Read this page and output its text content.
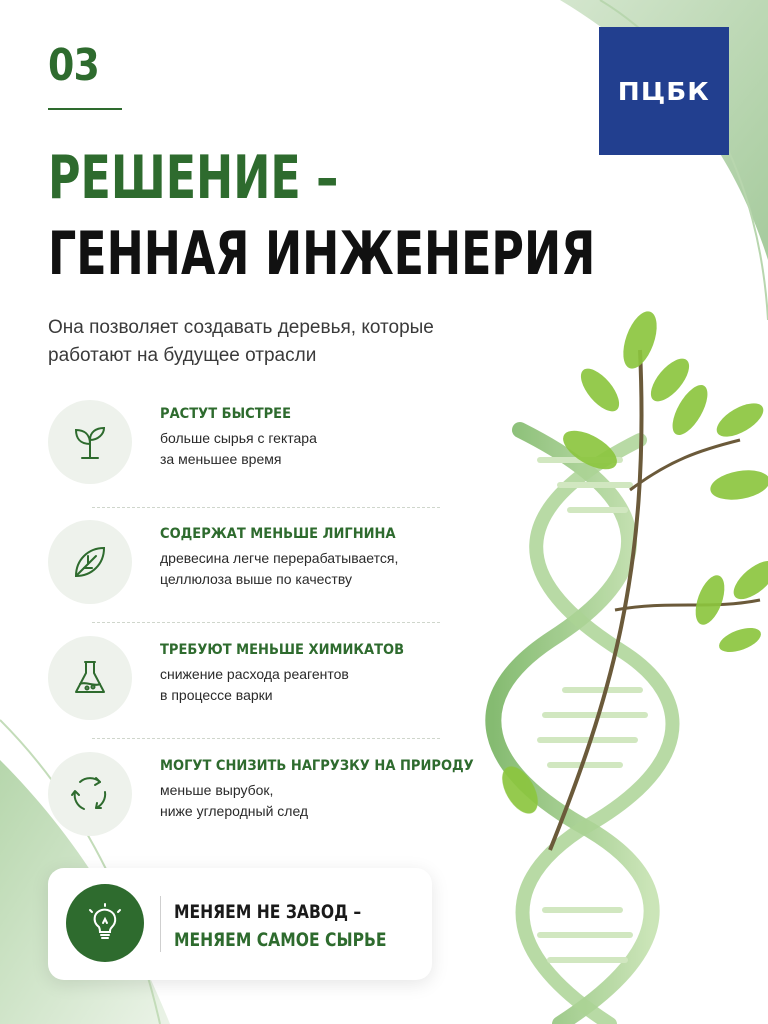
03	ПЦБК
РЕШЕНИЕ –
ГЕННАЯ ИНЖЕНЕРИЯ
Она позволяет создавать деревья, которые работают на будущее отрасли
РАСТУТ БЫСТРЕЕ
больше сырья с гектара
за меньшее время
СОДЕРЖАТ МЕНЬШЕ ЛИГНИНА
древесина легче перерабатывается,
целлюлоза выше по качеству
ТРЕБУЮТ МЕНЬШЕ ХИМИКАТОВ
снижение расхода реагентов
в процессе варки
МОГУТ СНИЗИТЬ НАГРУЗКУ НА ПРИРОДУ
меньше вырубок,
ниже углеродный след
МЕНЯЕМ НЕ ЗАВОД –
МЕНЯЕМ САМОЕ СЫРЬЕ
